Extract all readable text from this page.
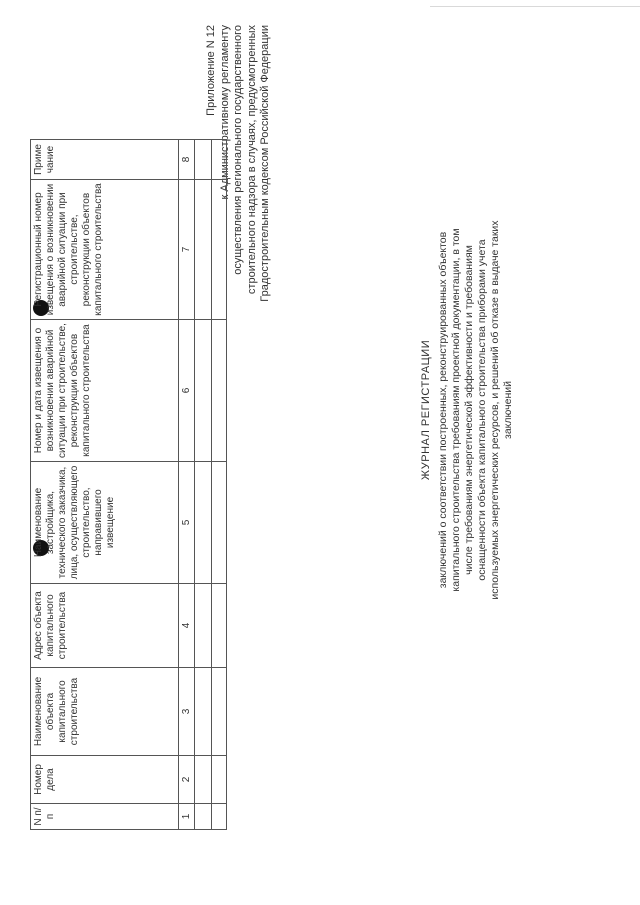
Приложение N 12 к Административному регламенту осуществления регионального государственного строительного надзора в случаях, предусмотренных Градостроительным кодексом Российской Федерации
ЖУРНАЛ РЕГИСТРАЦИИ заключений о соответствии построенных, реконструированных объектов капитального строительства требованиям проектной документации, в том числе требованиям энергетической эффективности и требованиям оснащенности объекта капитального строительства приборами учета используемых энергетических ресурсов, и решений об отказе в выдаче таких заключений
N п/п	Номер дела	Наименование объекта капитального строительства	Адрес объекта капитального строительства	Наименование застройщика, технического заказчика, лица, осуществляющего строительство, направившего извещение	Номер и дата извещения о возникновении аварийной ситуации при строительстве, реконструкции объектов капитального строительства	Регистрационный номер извещения о возникновении аварийной ситуации при строительстве, реконструкции объектов капитального строительства	Приме чание
1	2	3	4	5	6	7	8
